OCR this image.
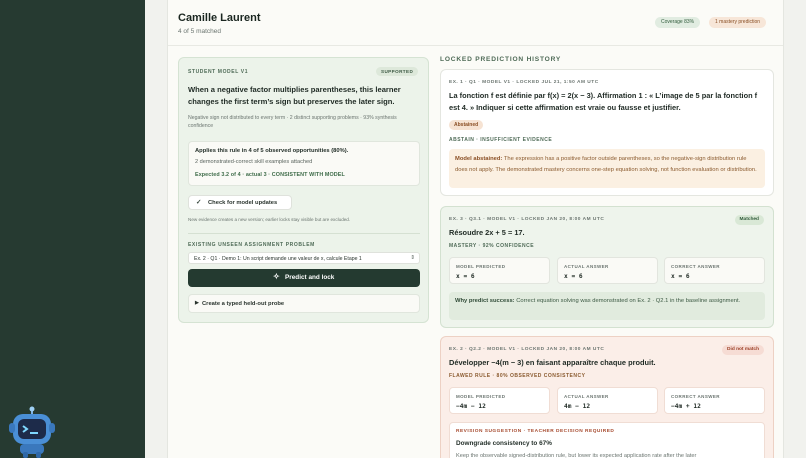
Camille Laurent
4 of 5 matched
Coverage 83%	1 mastery prediction
STUDENT MODEL V1	SUPPORTED
When a negative factor multiplies parentheses, this learner changes the first term’s sign but preserves the later sign.
Negative sign not distributed to every term · 2 distinct supporting problems · 93% synthesis confidence
Applies this rule in 4 of 5 observed opportunities (80%).
2 demonstrated-correct skill examples attached
Expected 3.2 of 4 · actual 3 · CONSISTENT WITH MODEL
✓ Check for model updates
New evidence creates a new version; earlier locks stay visible but are excluded.
EXISTING UNSEEN ASSIGNMENT PROBLEM
Ex. 2 · Q1 · Demo 1: Un script demande une valeur de x, calcule Étape 1	⇕
✧ Predict and lock
▶ Create a typed held-out probe
LOCKED PREDICTION HISTORY
EX. 1 · Q1 · MODEL V1 · LOCKED JUL 21, 1:50 AM UTC
La fonction f est définie par f(x) = 2(x − 3). Affirmation 1 : « L’image de 5 par la fonction f est 4. » Indiquer si cette affirmation est vraie ou fausse et justifier.
Abstained
ABSTAIN · INSUFFICIENT EVIDENCE
Model abstained: The expression has a positive factor outside parentheses, so the negative-sign distribution rule does not apply. The demonstrated mastery concerns one-step equation solving, not function evaluation or distribution.
EX. 3 · Q3.1 · MODEL V1 · LOCKED JAN 20, 8:00 AM UTC	Matched
Résoudre 2x + 5 = 17.
MASTERY · 92% CONFIDENCE
MODEL PREDICTED
x = 6
ACTUAL ANSWER
x = 6
CORRECT ANSWER
x = 6
Why predict success: Correct equation solving was demonstrated on Ex. 2 · Q2.1 in the baseline assignment.
EX. 2 · Q2.2 · MODEL V1 · LOCKED JAN 20, 8:00 AM UTC	Did not match
Développer −4(m − 3) en faisant apparaître chaque produit.
FLAWED RULE · 80% OBSERVED CONSISTENCY
MODEL PREDICTED
−4m − 12
ACTUAL ANSWER
4m − 12
CORRECT ANSWER
−4m + 12
REVISION SUGGESTION · TEACHER DECISION REQUIRED
Downgrade consistency to 67%
Keep the observable signed-distribution rule, but lower its expected application rate after the later
